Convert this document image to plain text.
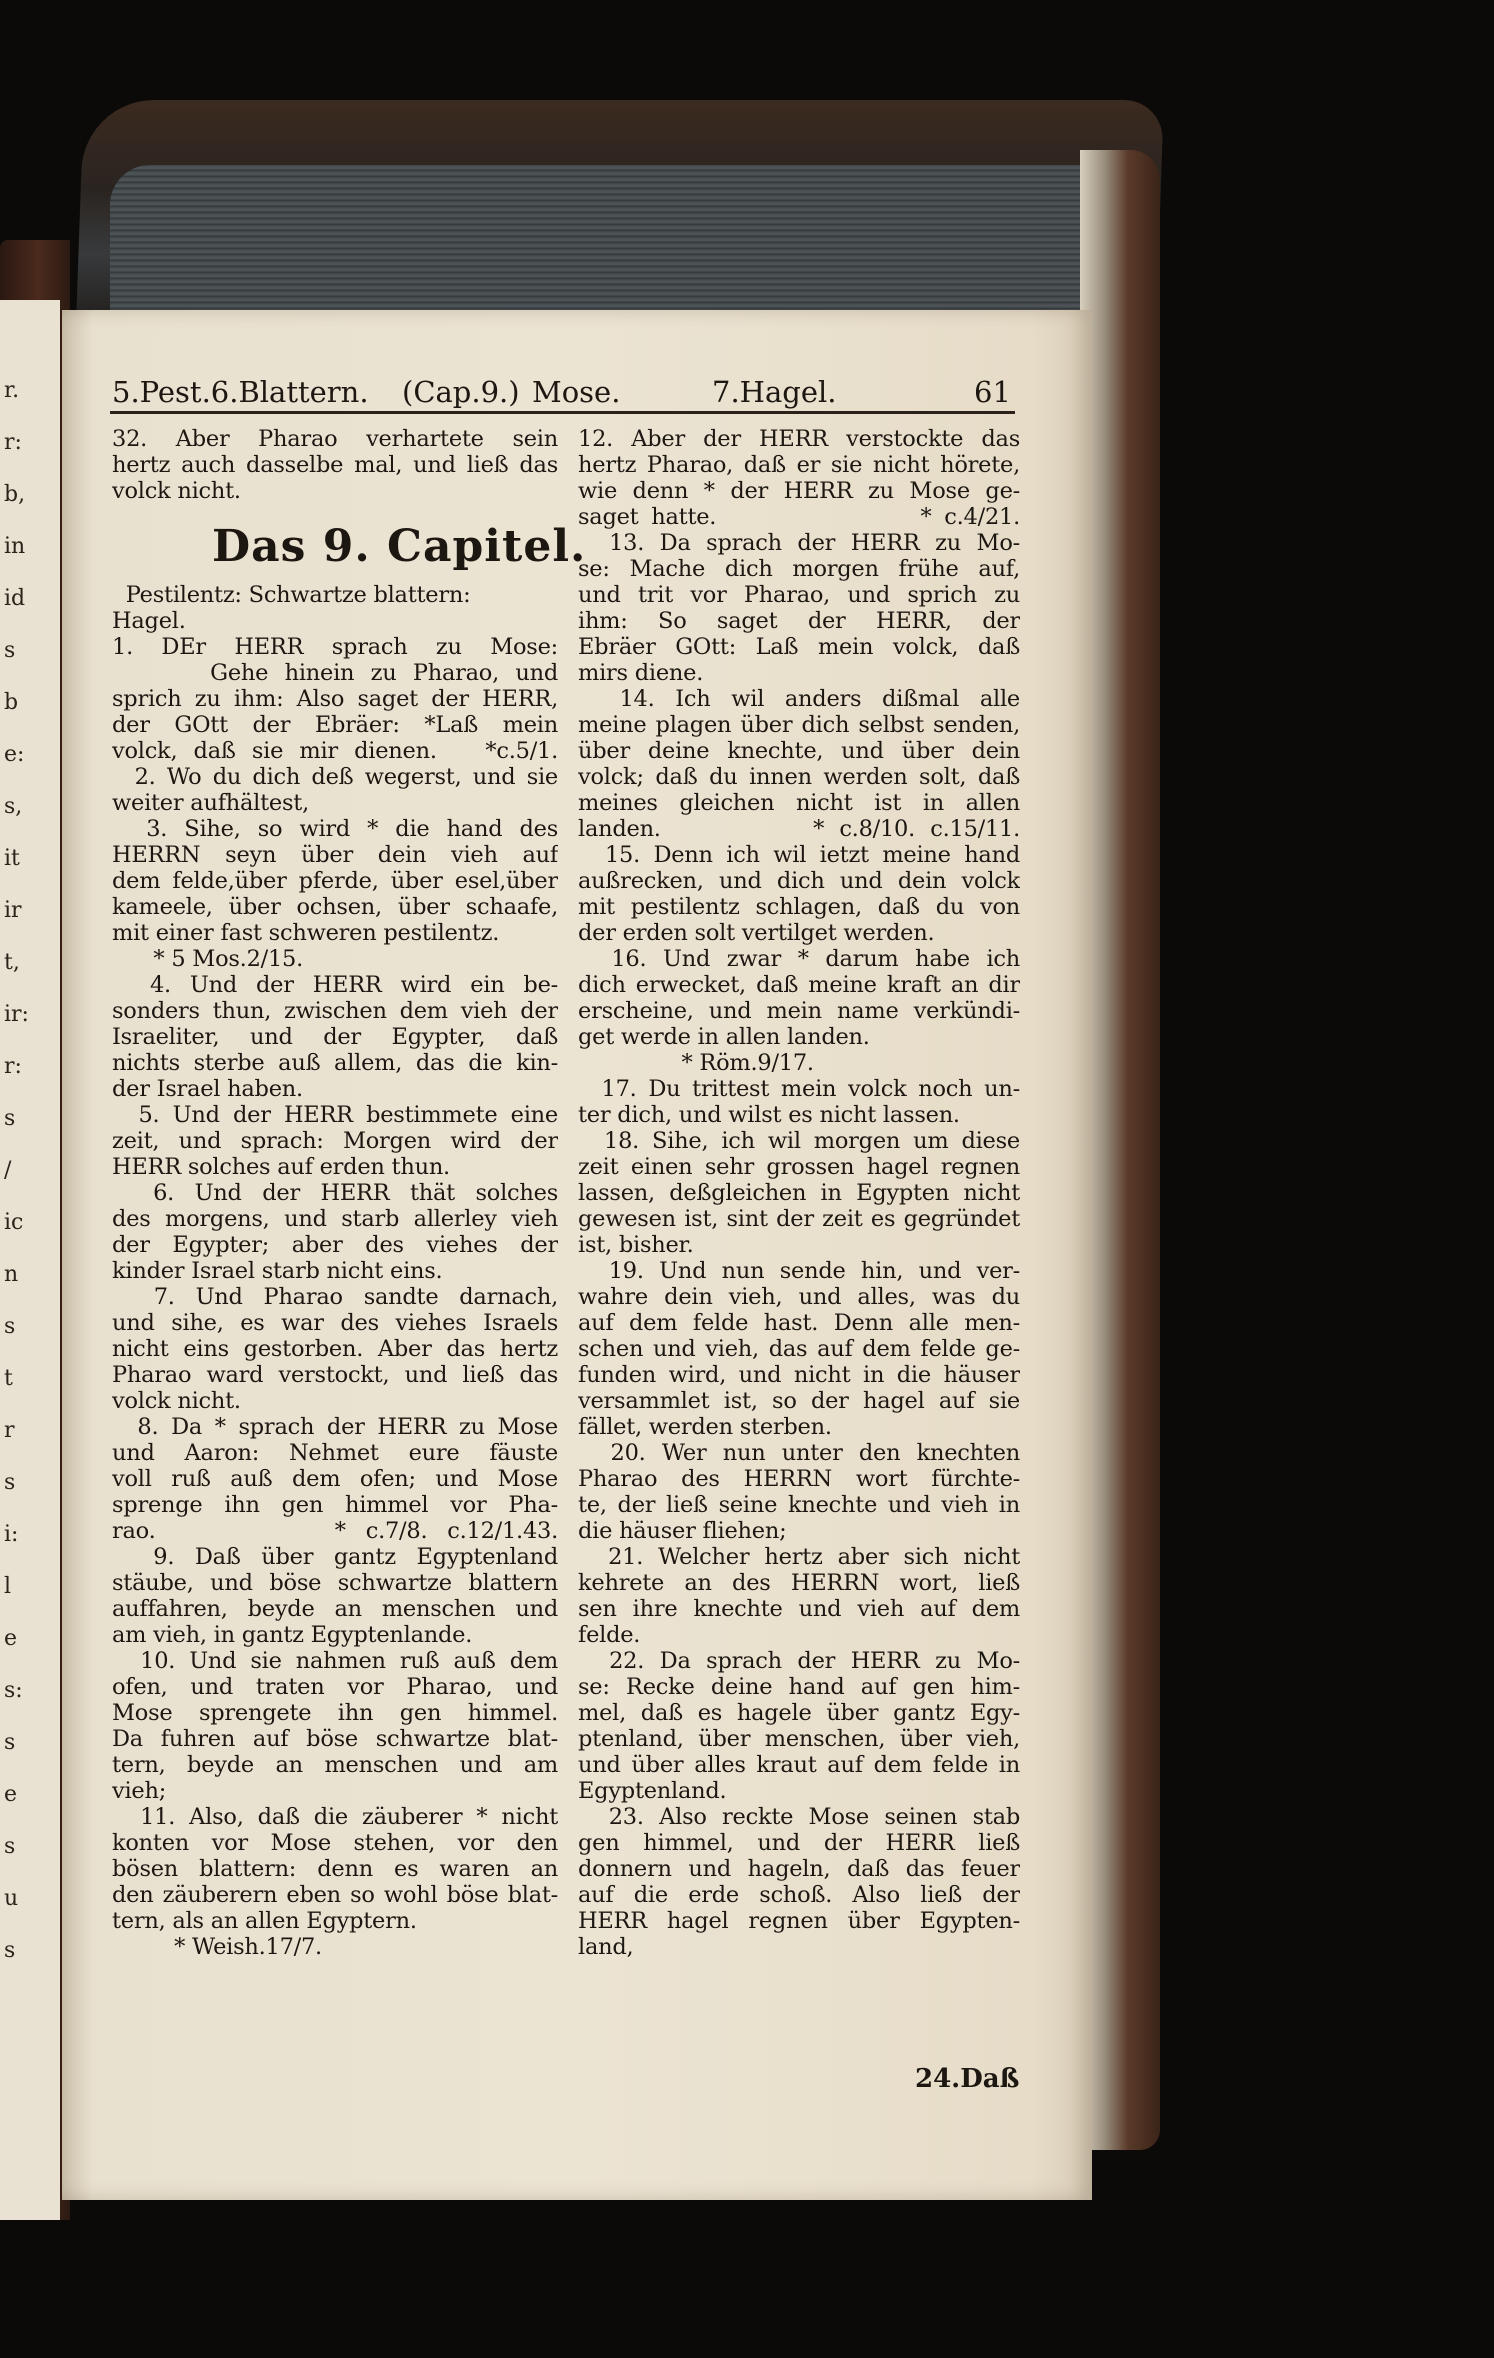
r.
r:
b,
in
id
s
b
e:
s,
it
ir
t,
ir:
r:
s
/
ic
n
s
t
r
s
i:
l
e
s:
s
e
s
u
s
5.Pest.6.Blattern. (Cap.9.) Mose.	7.Hagel.	61
32. Aber Pharao verhartete sein
hertz auch dasselbe mal, und ließ das
volck nicht.
Das 9. Capitel.
Pestilentz: Schwartze blattern:
Hagel.
1. DEr HERR sprach zu Mose:
Gehe hinein zu Pharao, und
sprich zu ihm: Also saget der HERR,
der GOtt der Ebräer: *Laß mein
volck, daß sie mir dienen.   *c.5/1.
2. Wo du dich deß wegerst, und sie
weiter aufhältest,
3. Sihe, so wird * die hand des
HERRN seyn über dein vieh auf
dem felde,über pferde, über esel,über
kameele, über ochsen, über schaafe,
mit einer fast schweren pestilentz.
* 5 Mos.2/15.
4. Und der HERR wird ein be-
sonders thun, zwischen dem vieh der
Israeliter, und der Egypter, daß
nichts sterbe auß allem, das die kin-
der Israel haben.
5. Und der HERR bestimmete eine
zeit, und sprach: Morgen wird der
HERR solches auf erden thun.
6. Und der HERR thät solches
des morgens, und starb allerley vieh
der Egypter; aber des viehes der
kinder Israel starb nicht eins.
7. Und Pharao sandte darnach,
und sihe, es war des viehes Israels
nicht eins gestorben. Aber das hertz
Pharao ward verstockt, und ließ das
volck nicht.
8. Da * sprach der HERR zu Mose
und Aaron: Nehmet eure fäuste
voll ruß auß dem ofen; und Mose
sprenge ihn gen himmel vor Pha-
rao.         * c.7/8. c.12/1.43.
9. Daß über gantz Egyptenland
stäube, und böse schwartze blattern
auffahren, beyde an menschen und
am vieh, in gantz Egyptenlande.
10. Und sie nahmen ruß auß dem
ofen, und traten vor Pharao, und
Mose sprengete ihn gen himmel.
Da fuhren auf böse schwartze blat-
tern, beyde an menschen und am
vieh;
11. Also, daß die zäuberer * nicht
konten vor Mose stehen, vor den
bösen blattern: denn es waren an
den zäuberern eben so wohl böse blat-
tern, als an allen Egyptern.
* Weish.17/7.
12. Aber der HERR verstockte das
hertz Pharao, daß er sie nicht hörete,
wie denn * der HERR zu Mose ge-
saget hatte.                * c.4/21.
13. Da sprach der HERR zu Mo-
se: Mache dich morgen frühe auf,
und trit vor Pharao, und sprich zu
ihm: So saget der HERR, der
Ebräer GOtt: Laß mein volck, daß
mirs diene.
14. Ich wil anders dißmal alle
meine plagen über dich selbst senden,
über deine knechte, und über dein
volck; daß du innen werden solt, daß
meines gleichen nicht ist in allen
landen.          * c.8/10. c.15/11.
15. Denn ich wil ietzt meine hand
außrecken, und dich und dein volck
mit pestilentz schlagen, daß du von
der erden solt vertilget werden.
16. Und zwar * darum habe ich
dich erwecket, daß meine kraft an dir
erscheine, und mein name verkündi-
get werde in allen landen.
* Röm.9/17.
17. Du trittest mein volck noch un-
ter dich, und wilst es nicht lassen.
18. Sihe, ich wil morgen um diese
zeit einen sehr grossen hagel regnen
lassen, deßgleichen in Egypten nicht
gewesen ist, sint der zeit es gegründet
ist, bisher.
19. Und nun sende hin, und ver-
wahre dein vieh, und alles, was du
auf dem felde hast. Denn alle men-
schen und vieh, das auf dem felde ge-
funden wird, und nicht in die häuser
versammlet ist, so der hagel auf sie
fället, werden sterben.
20. Wer nun unter den knechten
Pharao des HERRN wort fürchte-
te, der ließ seine knechte und vieh in
die häuser fliehen;
21. Welcher hertz aber sich nicht
kehrete an des HERRN wort, ließ
sen ihre knechte und vieh auf dem
felde.
22. Da sprach der HERR zu Mo-
se: Recke deine hand auf gen him-
mel, daß es hagele über gantz Egy-
ptenland, über menschen, über vieh,
und über alles kraut auf dem felde in
Egyptenland.
23. Also reckte Mose seinen stab
gen himmel, und der HERR ließ
donnern und hageln, daß das feuer
auf die erde schoß. Also ließ der
HERR hagel regnen über Egypten-
land,
24.Daß
